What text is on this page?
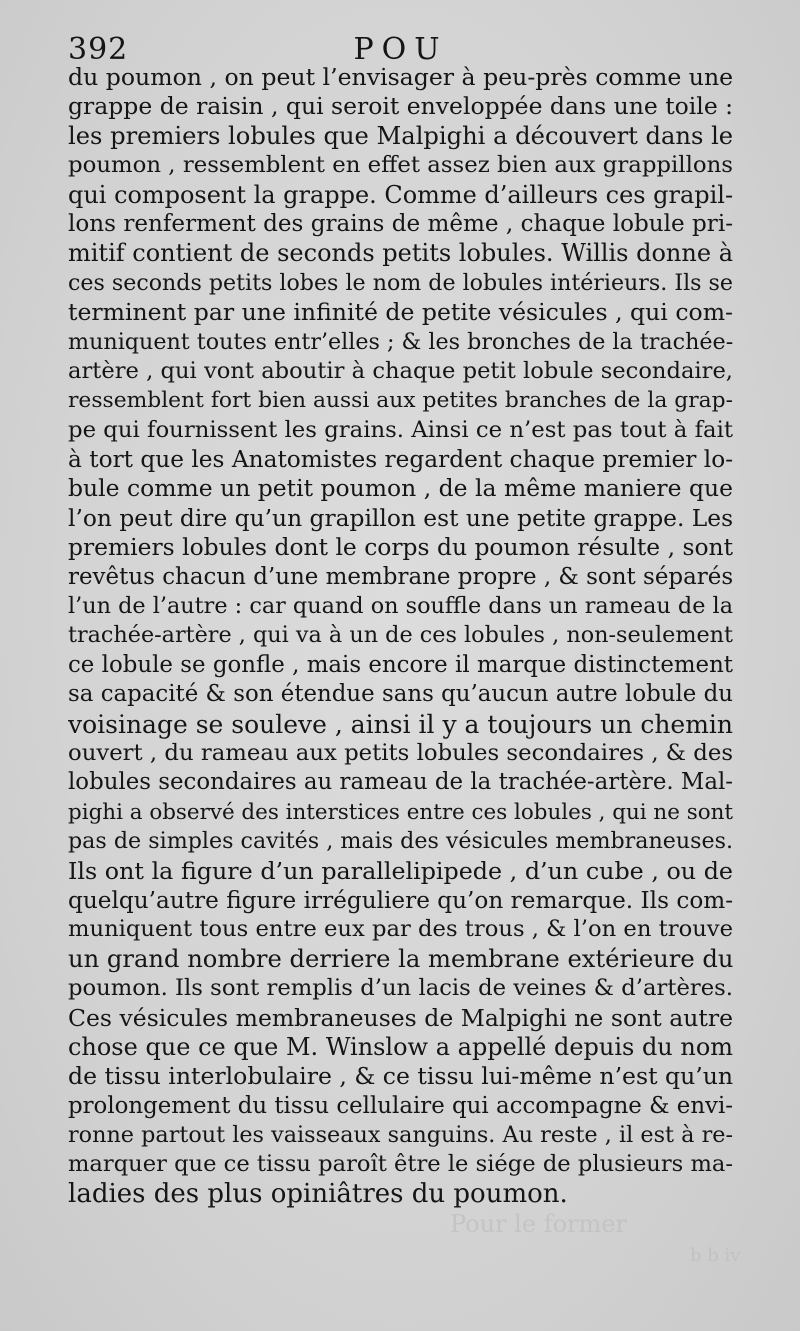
392	POU
du poumon , on peut l’envisager à peu-près comme une
grappe de raisin , qui seroit enveloppée dans une toile :
les premiers lobules que Malpighi a découvert dans le
poumon , ressemblent en effet assez bien aux grappillons
qui composent la grappe. Comme d’ailleurs ces grapil-
lons renferment des grains de même , chaque lobule pri-
mitif contient de seconds petits lobules. Willis donne à
ces seconds petits lobes le nom de lobules intérieurs. Ils se
terminent par une infinité de petite vésicules , qui com-
muniquent toutes entr’elles ; & les bronches de la trachée-
artère , qui vont aboutir à chaque petit lobule secondaire,
ressemblent fort bien aussi aux petites branches de la grap-
pe qui fournissent les grains. Ainsi ce n’est pas tout à fait
à tort que les Anatomistes regardent chaque premier lo-
bule comme un petit poumon , de la même maniere que
l’on peut dire qu’un grapillon est une petite grappe. Les
premiers lobules dont le corps du poumon résulte , sont
revêtus chacun d’une membrane propre , & sont séparés
l’un de l’autre : car quand on souffle dans un rameau de la
trachée-artère , qui va à un de ces lobules , non-seulement
ce lobule se gonfle , mais encore il marque distinctement
sa capacité & son étendue sans qu’aucun autre lobule du
voisinage se souleve , ainsi il y a toujours un chemin
ouvert , du rameau aux petits lobules secondaires , & des
lobules secondaires au rameau de la trachée-artère. Mal-
pighi a observé des interstices entre ces lobules , qui ne sont
pas de simples cavités , mais des vésicules membraneuses.
Ils ont la figure d’un parallelipipede , d’un cube , ou de
quelqu’autre figure irréguliere qu’on remarque. Ils com-
muniquent tous entre eux par des trous , & l’on en trouve
un grand nombre derriere la membrane extérieure du
poumon. Ils sont remplis d’un lacis de veines & d’artères.
Ces vésicules membraneuses de Malpighi ne sont autre
chose que ce que M. Winslow a appellé depuis du nom
de tissu interlobulaire , & ce tissu lui-même n’est qu’un
prolongement du tissu cellulaire qui accompagne & envi-
ronne partout les vaisseaux sanguins. Au reste , il est à re-
marquer que ce tissu paroît être le siége de plusieurs ma-
ladies des plus opiniâtres du poumon.
Pour le former
b b iv
